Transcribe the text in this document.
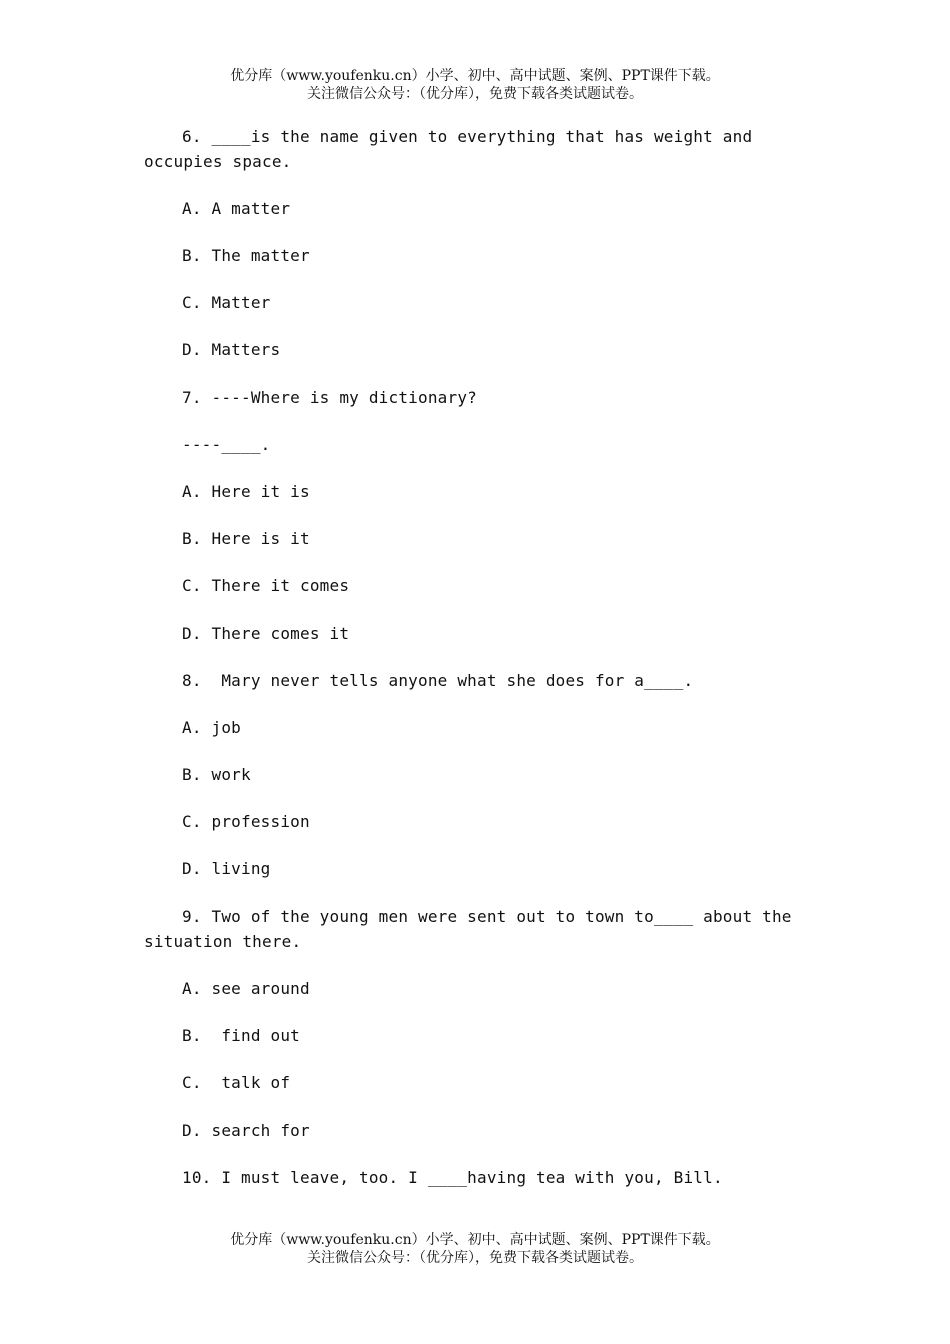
优分库（www.youfenku.cn）小学、初中、高中试题、案例、PPT课件下载。
关注微信公众号：（优分库），免费下载各类试题试卷。
6. ____is the name given to everything that has weight and
occupies space.
A. A matter
B. The matter
C. Matter
D. Matters
7. ----Where is my dictionary?
----____.
A. Here it is
B. Here is it
C. There it comes
D. There comes it
8.  Mary never tells anyone what she does for a____.
A. job
B. work
C. profession
D. living
9. Two of the young men were sent out to town to____ about the
situation there.
A. see around
B.  find out
C.  talk of
D. search for
10. I must leave, too. I ____having tea with you, Bill.
优分库（www.youfenku.cn）小学、初中、高中试题、案例、PPT课件下载。
关注微信公众号：（优分库），免费下载各类试题试卷。
